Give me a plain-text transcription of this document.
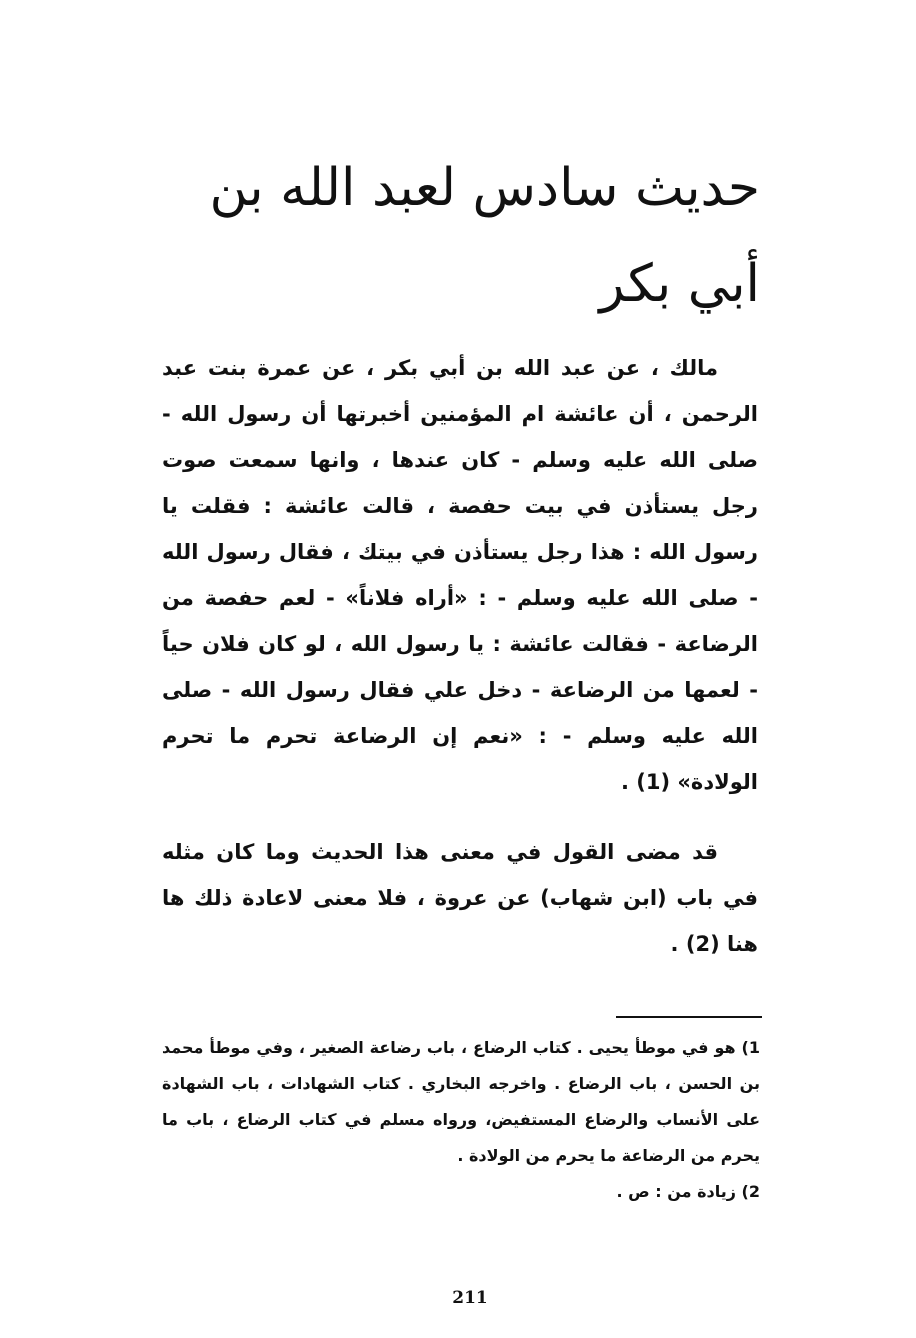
حديث سادس لعبد الله بن أبي بكر

مالك ، عن عبد الله بن أبي بكر ، عن عمرة بنت عبد الرحمن ، أن عائشة ام المؤمنين أخبرتها أن رسول الله - صلى الله عليه وسلم - كان عندها ، وانها سمعت صوت رجل يستأذن في بيت حفصة ، قالت عائشة : فقلت يا رسول الله : هذا رجل يستأذن في بيتك ، فقال رسول الله - صلى الله عليه وسلم - : «أراه فلاناً» - لعم حفصة من الرضاعة - فقالت عائشة : يا رسول الله ، لو كان فلان حياً - لعمها من الرضاعة - دخل علي فقال رسول الله - صلى الله عليه وسلم - : «نعم إن الرضاعة تحرم ما تحرم الولادة» (1) .

قد مضى القول في معنى هذا الحديث وما كان مثله في باب (ابن شهاب) عن عروة ، فلا معنى لاعادة ذلك ها هنا (2) .

1) هو في موطأ يحيى . كتاب الرضاع ، باب رضاعة الصغير ، وفي موطأ محمد بن الحسن ، باب الرضاع . واخرجه البخاري . كتاب الشهادات ، باب الشهادة على الأنساب والرضاع المستفيض، ورواه مسلم في كتاب الرضاع ، باب ما يحرم من الرضاعة ما يحرم من الولادة .

2) زيادة من : ص .

211
